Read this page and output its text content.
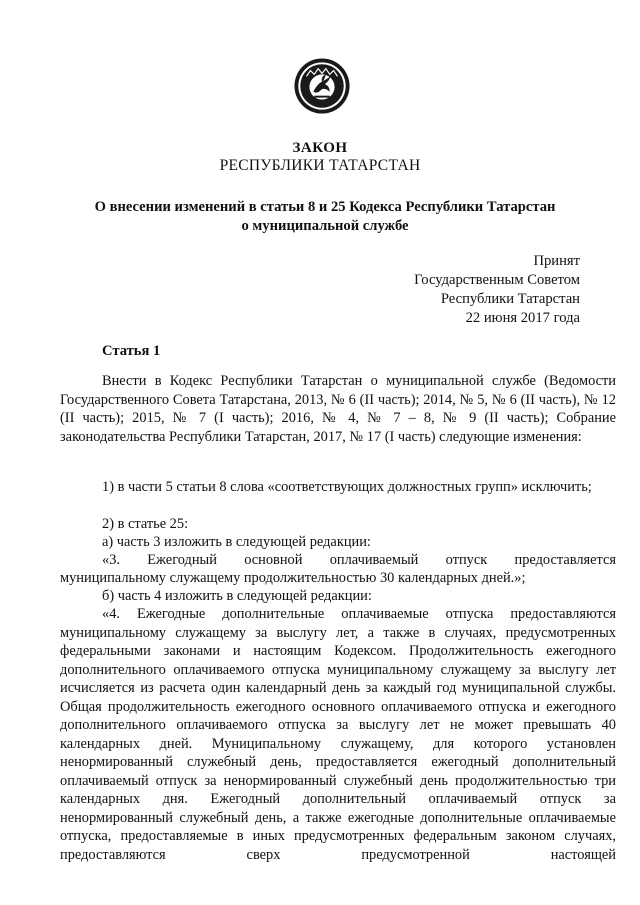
ЗАКОН
РЕСПУБЛИКИ ТАТАРСТАН
О внесении изменений в статьи 8 и 25 Кодекса Республики Татарстан
о муниципальной службе
Принят
Государственным Советом
Республики Татарстан
22 июня 2017 года
Статья 1
Внести в Кодекс Республики Татарстан о муниципальной службе (Ведомости Государственного Совета Татарстана, 2013, № 6 (II часть); 2014, № 5, № 6 (II часть), № 12 (II часть); 2015, № 7 (I часть); 2016, № 4, № 7 – 8, № 9 (II часть); Собрание законодательства Республики Татарстан, 2017, № 17 (I часть) следующие изменения:
1) в части 5 статьи 8 слова «соответствующих должностных групп» исключить;
2) в статье 25:
а) часть 3 изложить в следующей редакции:
«3. Ежегодный основной оплачиваемый отпуск предоставляется
муниципальному служащему продолжительностью 30 календарных дней.»;
б) часть 4 изложить в следующей редакции:
«4. Ежегодные дополнительные оплачиваемые отпуска предоставляются муниципальному служащему за выслугу лет, а также в случаях, предусмотренных федеральными законами и настоящим Кодексом. Продолжительность ежегодного дополнительного оплачиваемого отпуска муниципальному служащему за выслугу лет исчисляется из расчета один календарный день за каждый год муниципальной службы. Общая продолжительность ежегодного основного оплачиваемого отпуска и ежегодного дополнительного оплачиваемого отпуска за выслугу лет не может превышать 40 календарных дней. Муниципальному служащему, для которого установлен ненормированный служебный день, предоставляется ежегодный дополнительный оплачиваемый отпуск за ненормированный служебный день продолжительностью три календарных дня. Ежегодный дополнительный оплачиваемый отпуск за ненормированный служебный день, а также ежегодные дополнительные оплачиваемые отпуска, предоставляемые в иных предусмотренных федеральным законом случаях, предоставляются сверх предусмотренной настоящей
